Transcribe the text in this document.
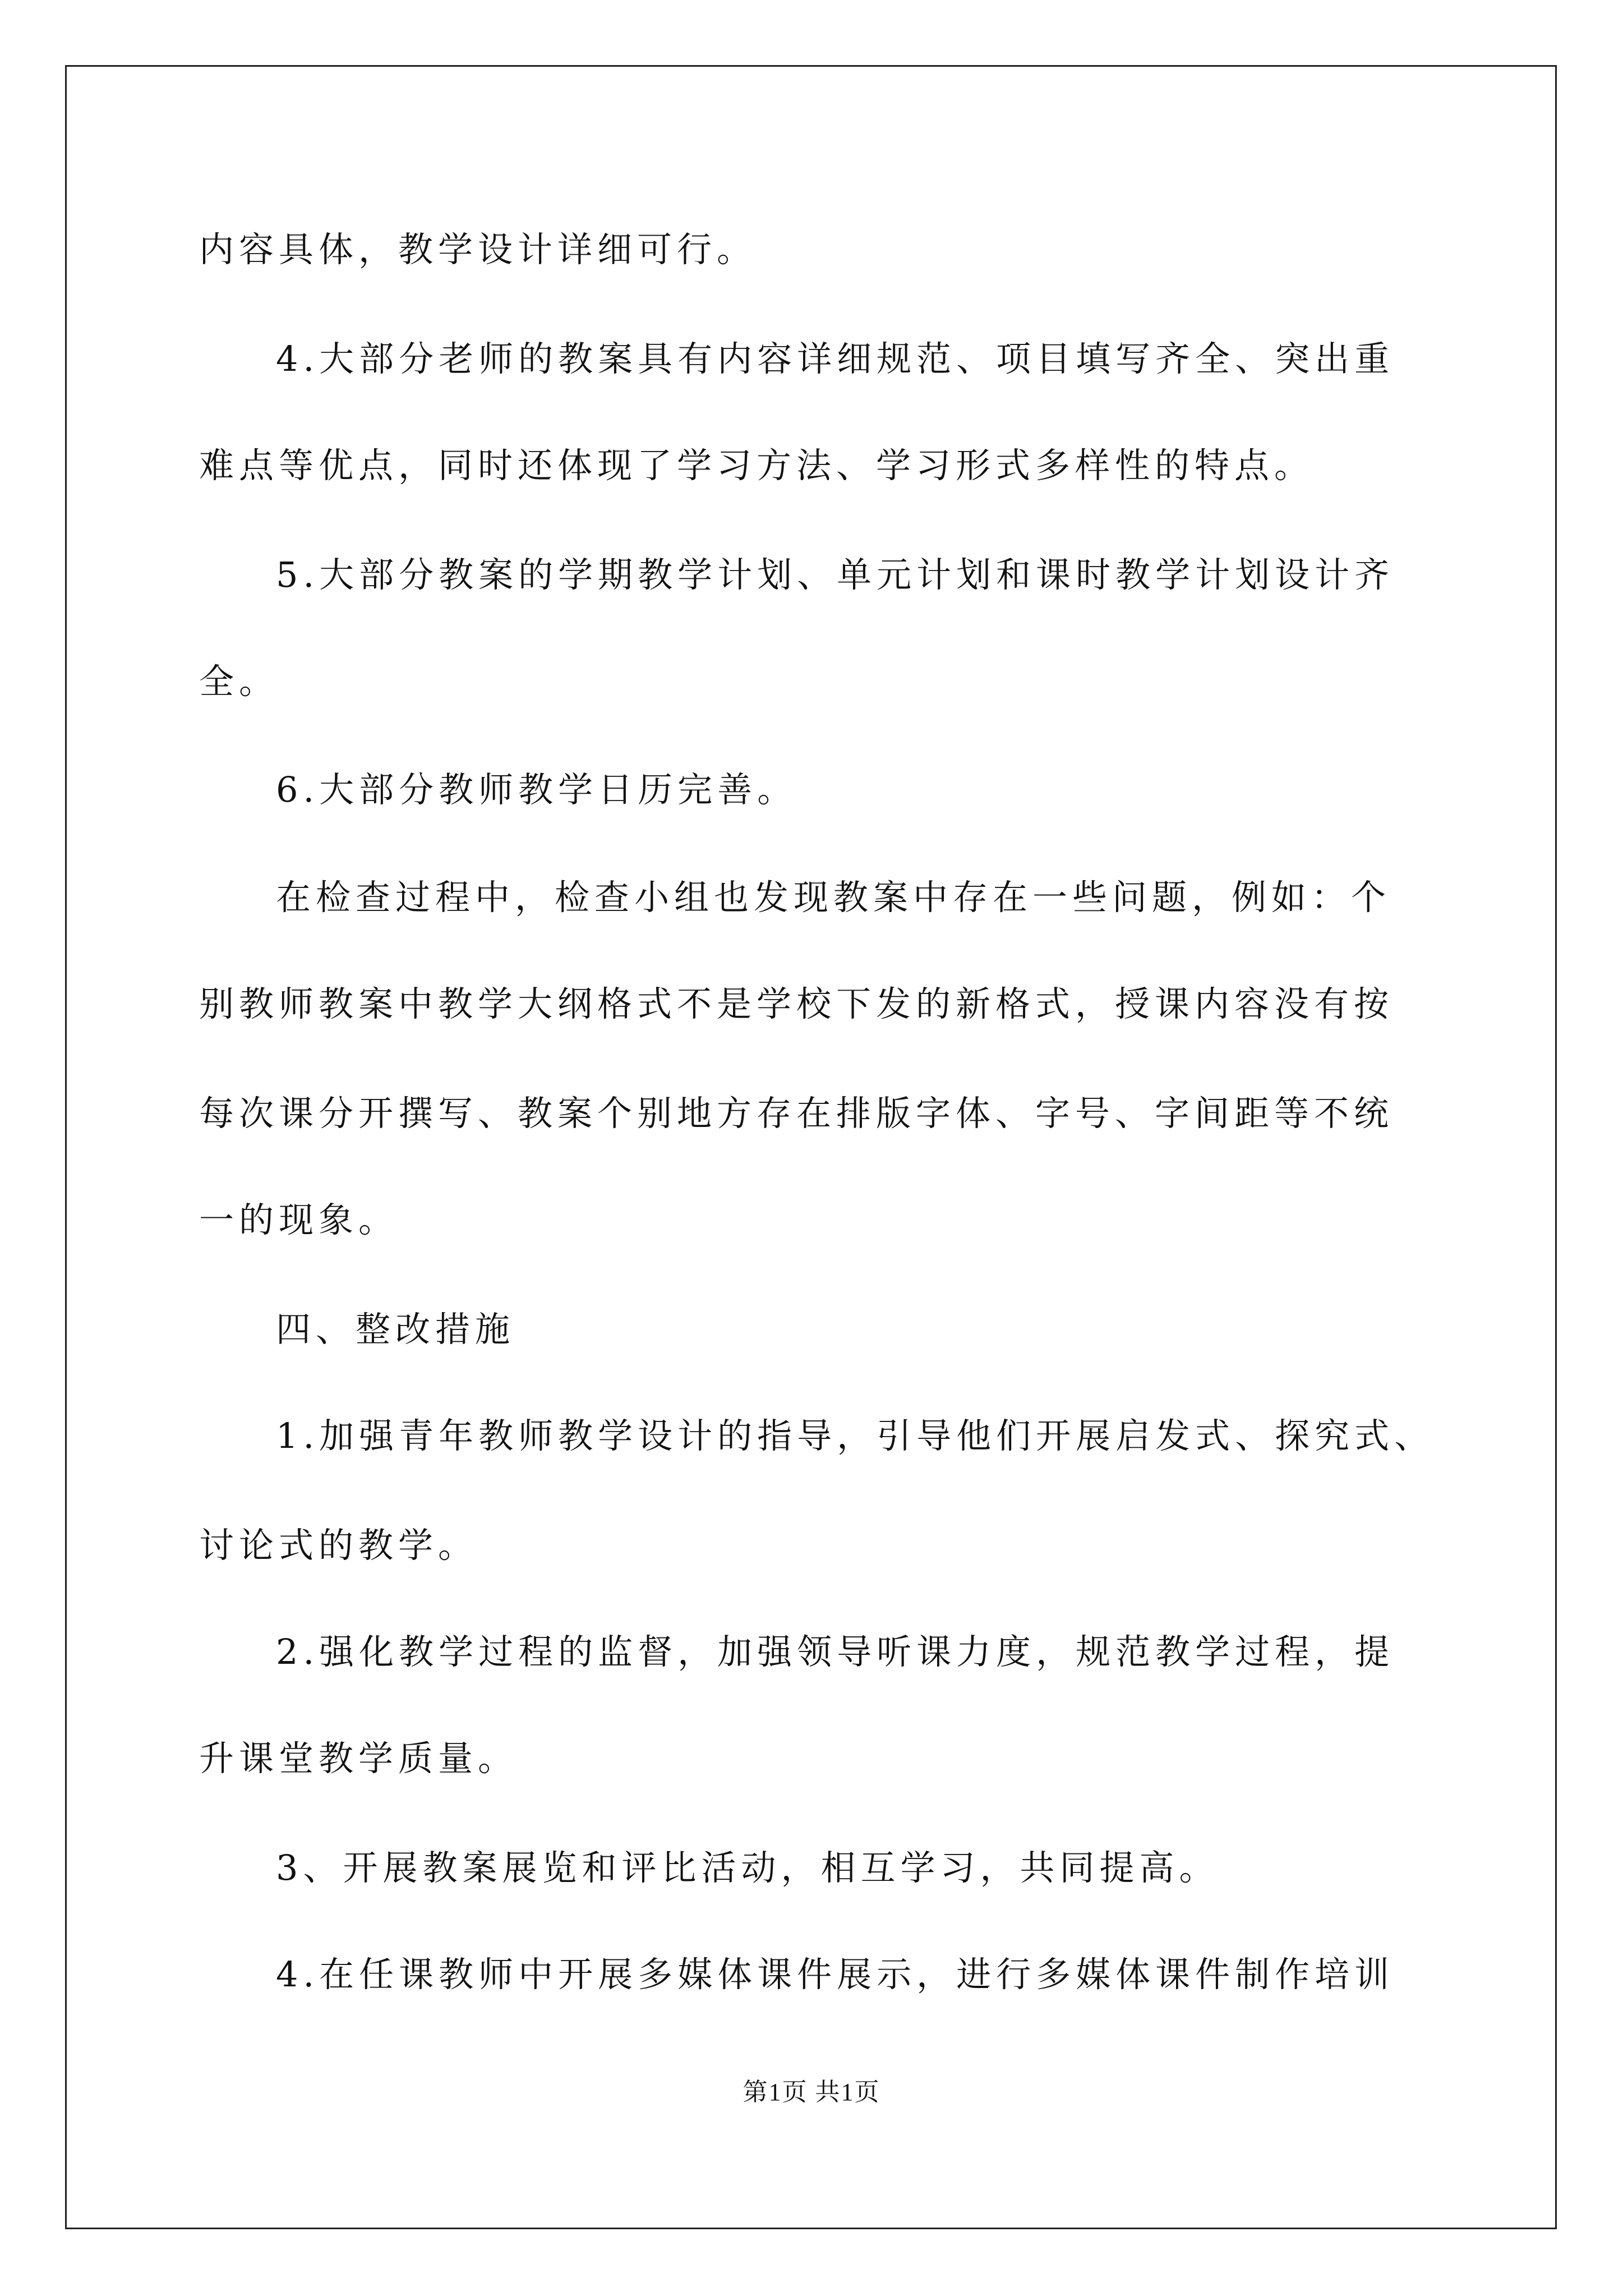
内容具体，教学设计详细可行。
4.大部分老师的教案具有内容详细规范、项目填写齐全、突出重
难点等优点，同时还体现了学习方法、学习形式多样性的特点。
5.大部分教案的学期教学计划、单元计划和课时教学计划设计齐
全。
6.大部分教师教学日历完善。
在检查过程中，检查小组也发现教案中存在一些问题，例如：个
别教师教案中教学大纲格式不是学校下发的新格式，授课内容没有按
每次课分开撰写、教案个别地方存在排版字体、字号、字间距等不统
一的现象。
四、整改措施
1.加强青年教师教学设计的指导，引导他们开展启发式、探究式、
讨论式的教学。
2.强化教学过程的监督，加强领导听课力度，规范教学过程，提
升课堂教学质量。
3、开展教案展览和评比活动，相互学习，共同提高。
4.在任课教师中开展多媒体课件展示，进行多媒体课件制作培训
第1页 共1页
